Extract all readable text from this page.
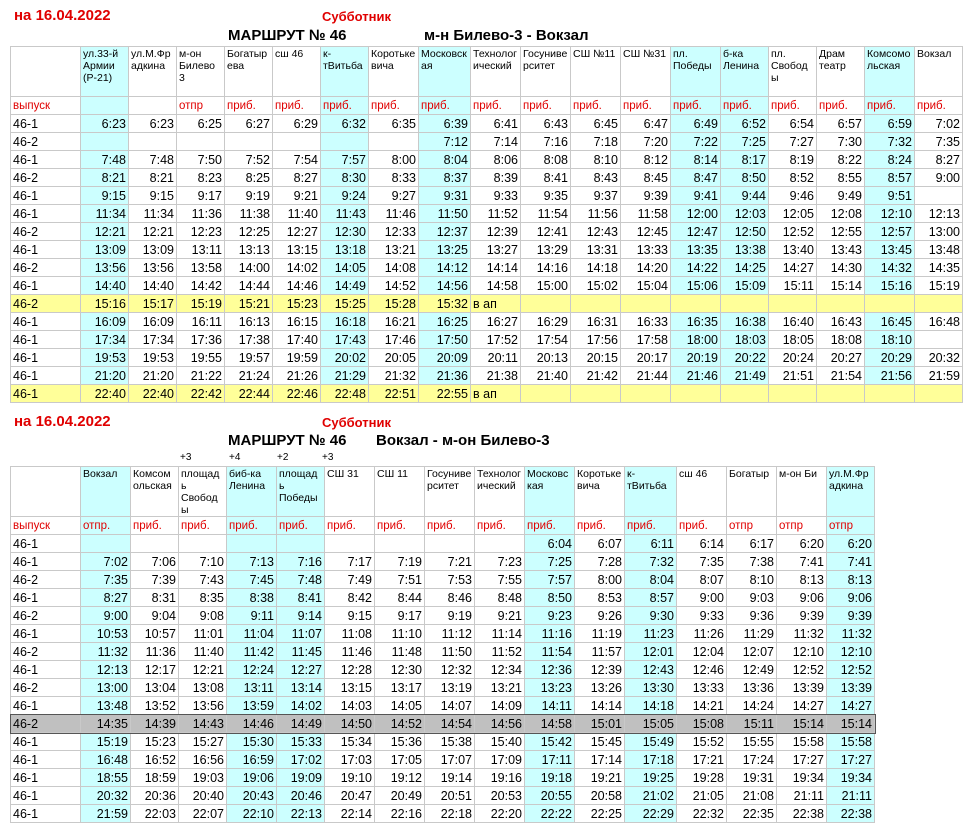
на 16.04.2022	Субботник
МАРШРУТ № 46	м-н Билево-3 - Вокзал
	ул.33-й Армии (Р-21)	ул.М.Фрадкина	м-он Билево 3	Богатырева	сш 46	к-тВитьба	Коротькевича	Московская	Технологический	Госуниверситет	СШ №11	СШ №31	пл. Победы	б-ка Ленина	пл. Свободы	Драм театр	Комсомольская	Вокзал
выпуск			отпр	приб.	приб.	приб.	приб.	приб.	приб.	приб.	приб.	приб.	приб.	приб.	приб.	приб.	приб.	приб.
46-1	6:23	6:23	6:25	6:27	6:29	6:32	6:35	6:39	6:41	6:43	6:45	6:47	6:49	6:52	6:54	6:57	6:59	7:02
46-2								7:12	7:14	7:16	7:18	7:20	7:22	7:25	7:27	7:30	7:32	7:35
46-1	7:48	7:48	7:50	7:52	7:54	7:57	8:00	8:04	8:06	8:08	8:10	8:12	8:14	8:17	8:19	8:22	8:24	8:27
46-2	8:21	8:21	8:23	8:25	8:27	8:30	8:33	8:37	8:39	8:41	8:43	8:45	8:47	8:50	8:52	8:55	8:57	9:00
46-1	9:15	9:15	9:17	9:19	9:21	9:24	9:27	9:31	9:33	9:35	9:37	9:39	9:41	9:44	9:46	9:49	9:51	
46-1	11:34	11:34	11:36	11:38	11:40	11:43	11:46	11:50	11:52	11:54	11:56	11:58	12:00	12:03	12:05	12:08	12:10	12:13
46-2	12:21	12:21	12:23	12:25	12:27	12:30	12:33	12:37	12:39	12:41	12:43	12:45	12:47	12:50	12:52	12:55	12:57	13:00
46-1	13:09	13:09	13:11	13:13	13:15	13:18	13:21	13:25	13:27	13:29	13:31	13:33	13:35	13:38	13:40	13:43	13:45	13:48
46-2	13:56	13:56	13:58	14:00	14:02	14:05	14:08	14:12	14:14	14:16	14:18	14:20	14:22	14:25	14:27	14:30	14:32	14:35
46-1	14:40	14:40	14:42	14:44	14:46	14:49	14:52	14:56	14:58	15:00	15:02	15:04	15:06	15:09	15:11	15:14	15:16	15:19
46-2	15:16	15:17	15:19	15:21	15:23	15:25	15:28	15:32	в ап									
46-1	16:09	16:09	16:11	16:13	16:15	16:18	16:21	16:25	16:27	16:29	16:31	16:33	16:35	16:38	16:40	16:43	16:45	16:48
46-1	17:34	17:34	17:36	17:38	17:40	17:43	17:46	17:50	17:52	17:54	17:56	17:58	18:00	18:03	18:05	18:08	18:10	
46-1	19:53	19:53	19:55	19:57	19:59	20:02	20:05	20:09	20:11	20:13	20:15	20:17	20:19	20:22	20:24	20:27	20:29	20:32
46-1	21:20	21:20	21:22	21:24	21:26	21:29	21:32	21:36	21:38	21:40	21:42	21:44	21:46	21:49	21:51	21:54	21:56	21:59
46-1	22:40	22:40	22:42	22:44	22:46	22:48	22:51	22:55	в ап									
на 16.04.2022	Субботник
МАРШРУТ № 46 Вокзал - м-он Билево-3
+3	+4	+2	+3
	Вокзал	Комсомольская	площадь Свободы	биб-ка Ленина	площадь Победы	СШ 31	СШ 11	Госуниверситет	Технологический	Московская	Коротькевича	к-тВитьба	сш 46	Богатыр	м-он Би	ул.М.Фрадкина
выпуск	отпр.	приб.	приб.	приб.	приб.	приб.	приб.	приб.	приб.	приб.	приб.	приб.	приб.	отпр	отпр	отпр
46-1										6:04	6:07	6:11	6:14	6:17	6:20	6:20
46-1	7:02	7:06	7:10	7:13	7:16	7:17	7:19	7:21	7:23	7:25	7:28	7:32	7:35	7:38	7:41	7:41
46-2	7:35	7:39	7:43	7:45	7:48	7:49	7:51	7:53	7:55	7:57	8:00	8:04	8:07	8:10	8:13	8:13
46-1	8:27	8:31	8:35	8:38	8:41	8:42	8:44	8:46	8:48	8:50	8:53	8:57	9:00	9:03	9:06	9:06
46-2	9:00	9:04	9:08	9:11	9:14	9:15	9:17	9:19	9:21	9:23	9:26	9:30	9:33	9:36	9:39	9:39
46-1	10:53	10:57	11:01	11:04	11:07	11:08	11:10	11:12	11:14	11:16	11:19	11:23	11:26	11:29	11:32	11:32
46-2	11:32	11:36	11:40	11:42	11:45	11:46	11:48	11:50	11:52	11:54	11:57	12:01	12:04	12:07	12:10	12:10
46-1	12:13	12:17	12:21	12:24	12:27	12:28	12:30	12:32	12:34	12:36	12:39	12:43	12:46	12:49	12:52	12:52
46-2	13:00	13:04	13:08	13:11	13:14	13:15	13:17	13:19	13:21	13:23	13:26	13:30	13:33	13:36	13:39	13:39
46-1	13:48	13:52	13:56	13:59	14:02	14:03	14:05	14:07	14:09	14:11	14:14	14:18	14:21	14:24	14:27	14:27
46-2	14:35	14:39	14:43	14:46	14:49	14:50	14:52	14:54	14:56	14:58	15:01	15:05	15:08	15:11	15:14	15:14
46-1	15:19	15:23	15:27	15:30	15:33	15:34	15:36	15:38	15:40	15:42	15:45	15:49	15:52	15:55	15:58	15:58
46-1	16:48	16:52	16:56	16:59	17:02	17:03	17:05	17:07	17:09	17:11	17:14	17:18	17:21	17:24	17:27	17:27
46-1	18:55	18:59	19:03	19:06	19:09	19:10	19:12	19:14	19:16	19:18	19:21	19:25	19:28	19:31	19:34	19:34
46-1	20:32	20:36	20:40	20:43	20:46	20:47	20:49	20:51	20:53	20:55	20:58	21:02	21:05	21:08	21:11	21:11
46-1	21:59	22:03	22:07	22:10	22:13	22:14	22:16	22:18	22:20	22:22	22:25	22:29	22:32	22:35	22:38	22:38
